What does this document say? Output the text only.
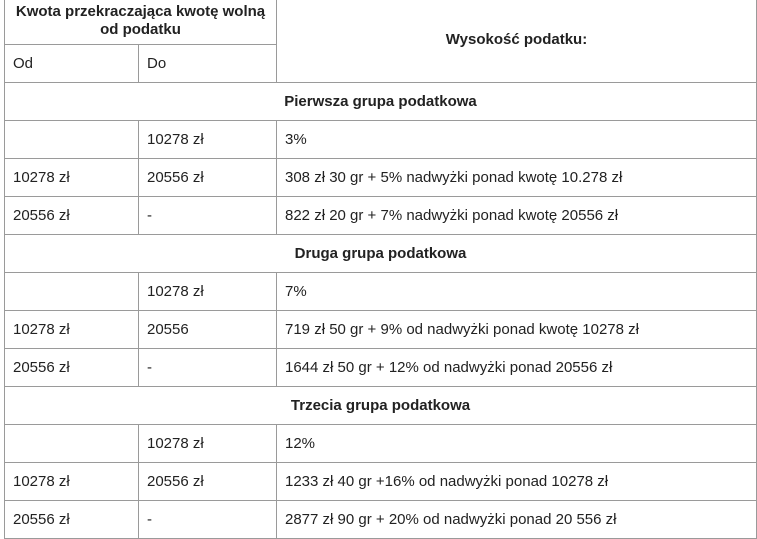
Kwota przekraczająca kwotę wolną od podatku		Wysokość podatku:
Od	Do	
Pierwsza grupa podatkowa		
	10278 zł	3%
10278 zł	20556 zł	308 zł 30 gr + 5% nadwyżki ponad kwotę 10.278 zł
20556 zł	-	822 zł 20 gr + 7% nadwyżki ponad kwotę 20556 zł
Druga grupa podatkowa		
	10278 zł	7%
10278 zł	20556	719 zł 50 gr + 9% od nadwyżki ponad kwotę 10278 zł
20556 zł	-	1644 zł 50 gr + 12% od nadwyżki ponad 20556 zł
Trzecia grupa podatkowa		
	10278 zł	12%
10278 zł	20556 zł	1233 zł 40 gr +16% od nadwyżki ponad 10278 zł
20556 zł	-	2877 zł 90 gr + 20% od nadwyżki ponad 20 556 zł
